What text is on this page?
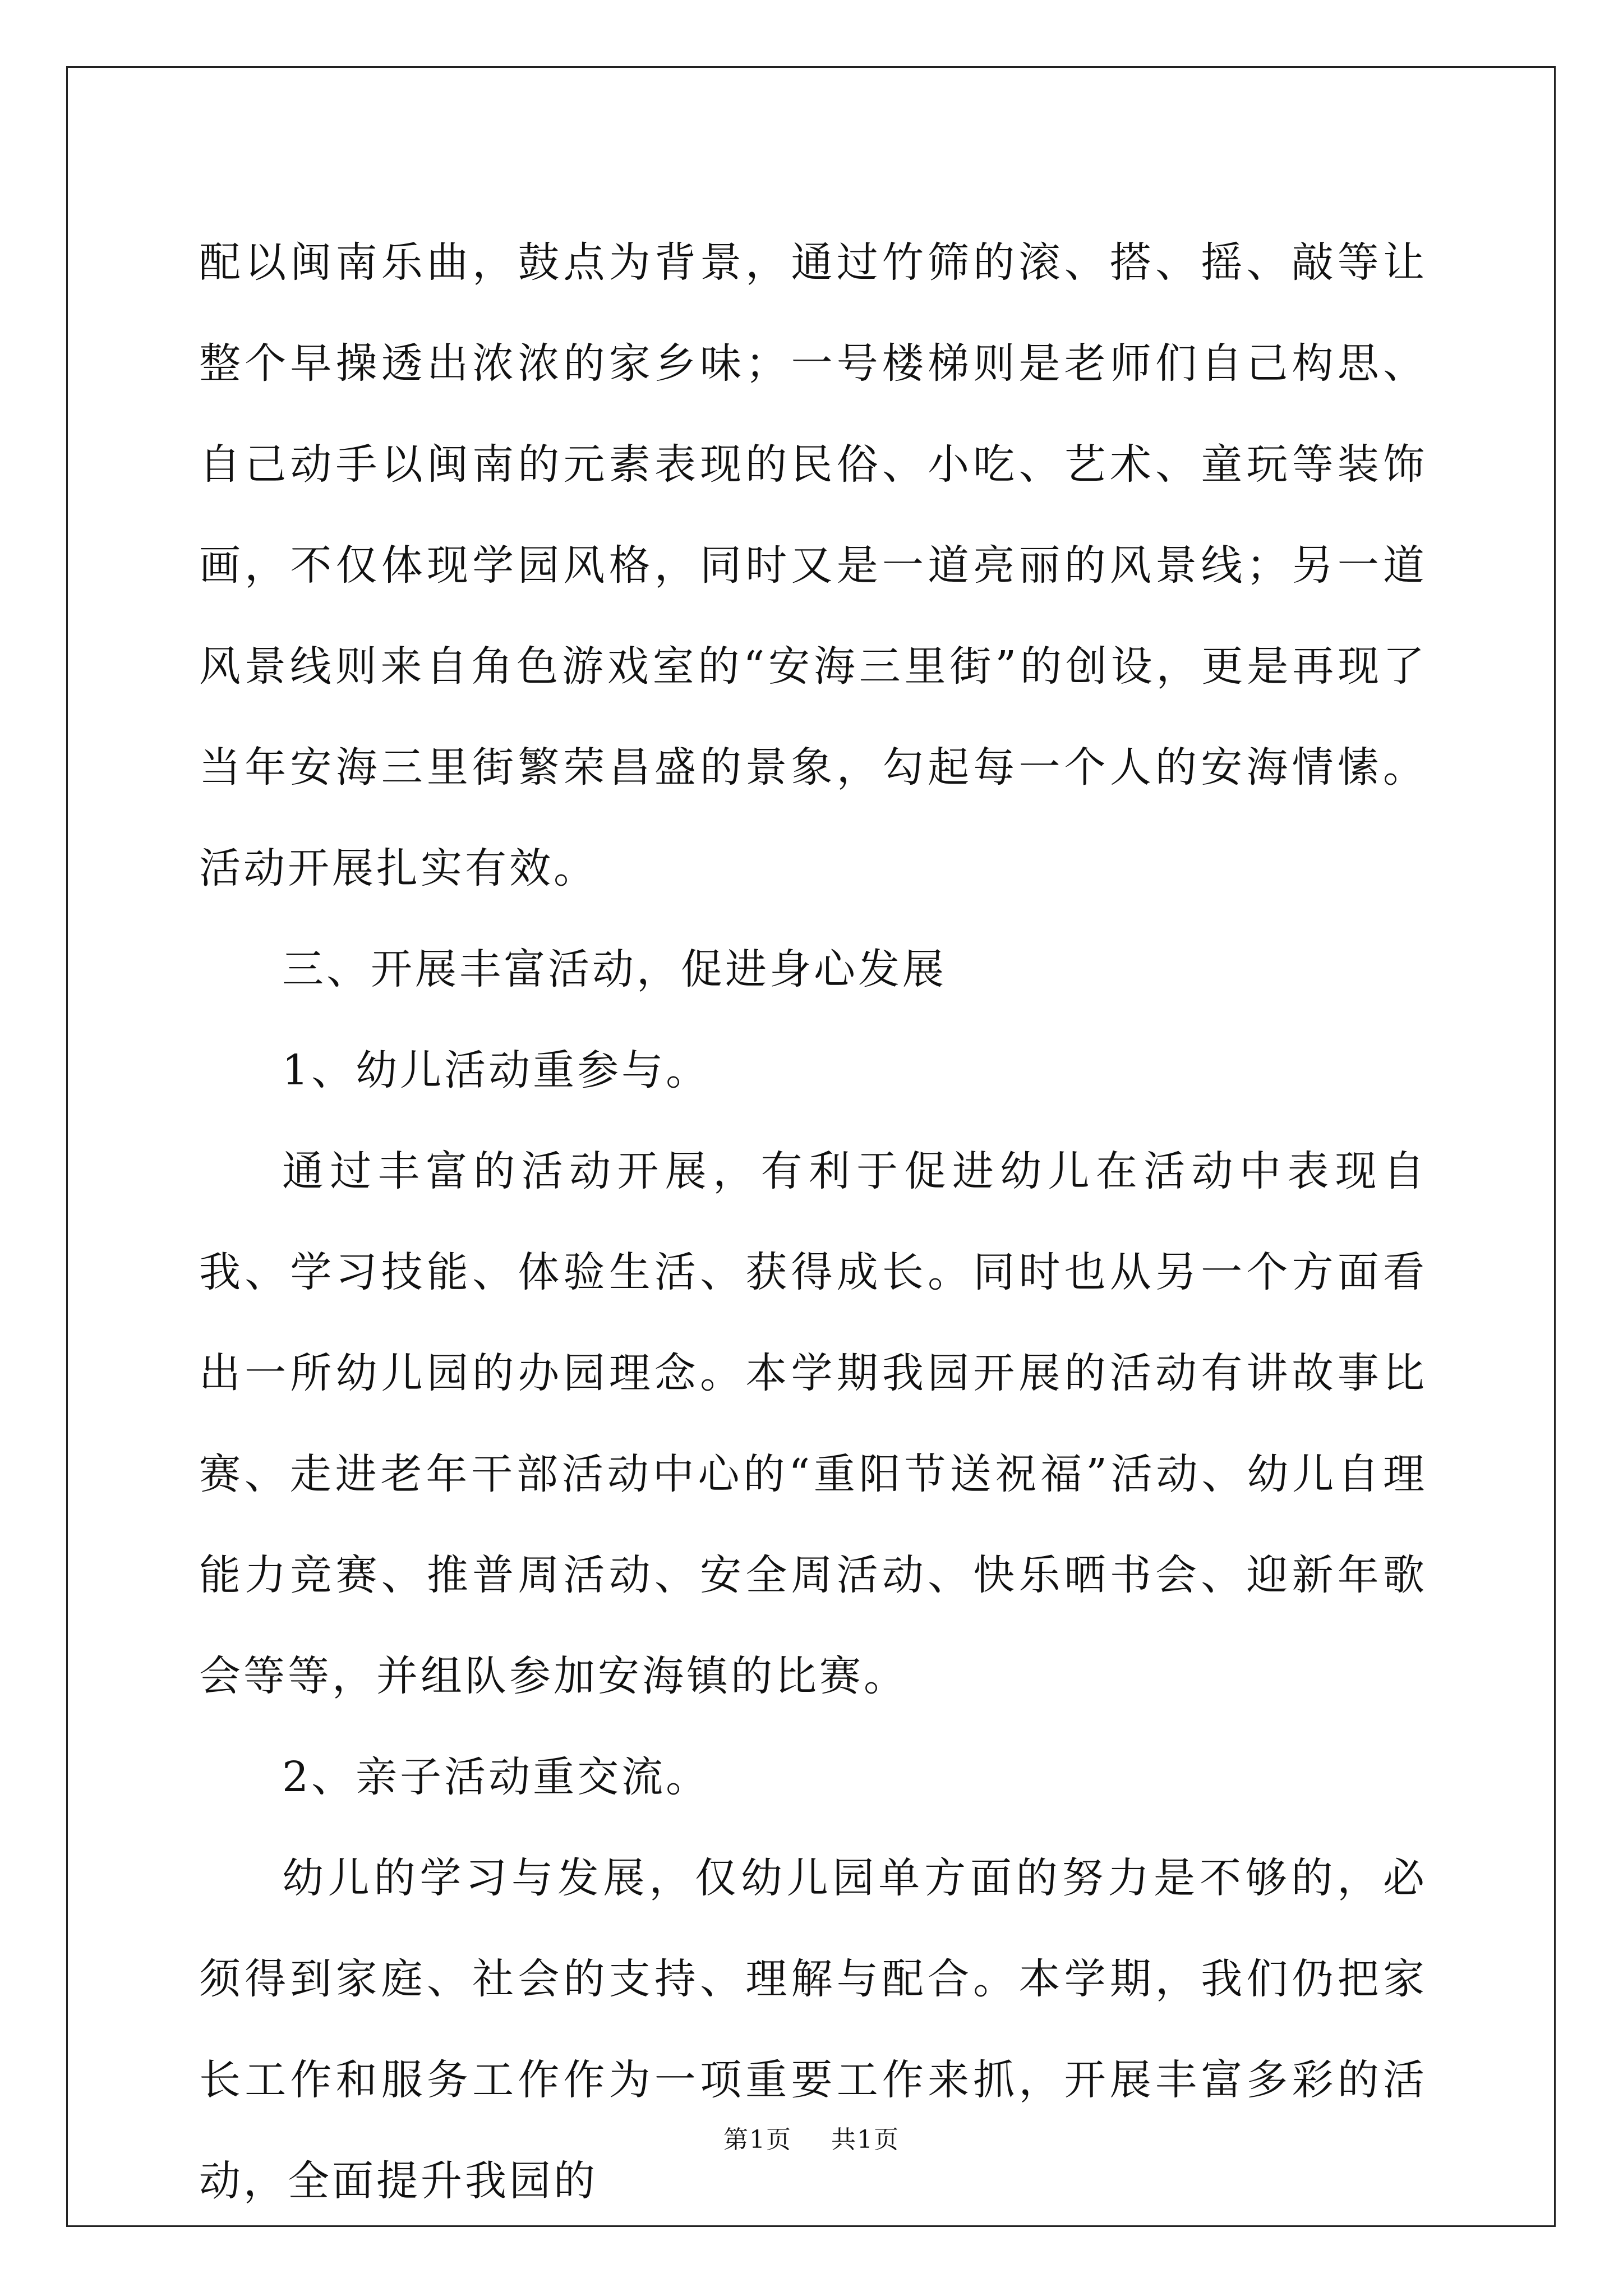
配以闽南乐曲，鼓点为背景，通过竹筛的滚、搭、摇、敲等让整个早操透出浓浓的家乡味；一号楼梯则是老师们自己构思、自己动手以闽南的元素表现的民俗、小吃、艺术、童玩等装饰画，不仅体现学园风格，同时又是一道亮丽的风景线；另一道风景线则来自角色游戏室的“安海三里街”的创设，更是再现了当年安海三里街繁荣昌盛的景象，勾起每一个人的安海情愫。活动开展扎实有效。

三、开展丰富活动，促进身心发展

1、幼儿活动重参与。

通过丰富的活动开展，有利于促进幼儿在活动中表现自我、学习技能、体验生活、获得成长。同时也从另一个方面看出一所幼儿园的办园理念。本学期我园开展的活动有讲故事比赛、走进老年干部活动中心的“重阳节送祝福”活动、幼儿自理能力竞赛、推普周活动、安全周活动、快乐晒书会、迎新年歌会等等，并组队参加安海镇的比赛。

2、亲子活动重交流。

幼儿的学习与发展，仅幼儿园单方面的努力是不够的，必须得到家庭、社会的支持、理解与配合。本学期，我们仍把家长工作和服务工作作为一项重要工作来抓，开展丰富多彩的活动，全面提升我园的

第1页 共1页
